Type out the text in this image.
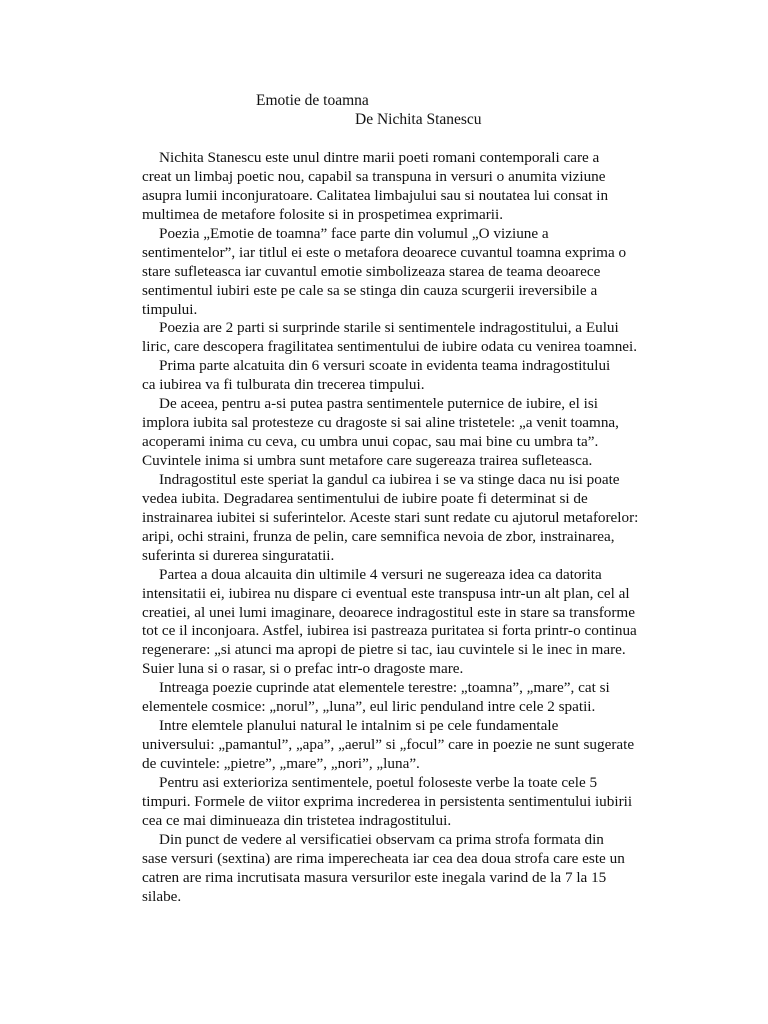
Emotie de toamna
De Nichita Stanescu
Nichita Stanescu este unul dintre marii poeti romani contemporali care a
creat un limbaj poetic nou, capabil sa transpuna in versuri o anumita viziune
asupra lumii inconjuratoare. Calitatea limbajului sau si noutatea lui consat in
multimea de metafore folosite si in prospetimea exprimarii.
Poezia „Emotie de toamna” face parte din volumul „O viziune a
sentimentelor”, iar titlul ei este o metafora deoarece cuvantul toamna exprima o
stare sufleteasca iar cuvantul emotie simbolizeaza starea de teama deoarece
sentimentul iubiri este pe cale sa se stinga din cauza scurgerii ireversibile a
timpului.
Poezia are 2 parti si surprinde starile si sentimentele indragostitului, a Eului
liric, care descopera fragilitatea sentimentului de iubire odata cu venirea toamnei.
Prima parte alcatuita din 6 versuri scoate in evidenta teama indragostitului
ca iubirea va fi tulburata din trecerea timpului.
De aceea, pentru a-si putea pastra sentimentele puternice de iubire, el isi
implora iubita sal protesteze cu dragoste si sai aline tristetele: „a venit toamna,
acoperami inima cu ceva, cu umbra unui copac, sau mai bine cu umbra ta”.
Cuvintele inima si umbra sunt metafore care sugereaza trairea sufleteasca.
Indragostitul este speriat la gandul ca iubirea i se va stinge daca nu isi poate
vedea iubita. Degradarea sentimentului de iubire poate fi determinat si de
instrainarea iubitei si suferintelor. Aceste stari sunt redate cu ajutorul metaforelor:
aripi, ochi straini, frunza de pelin, care semnifica nevoia de zbor, instrainarea,
suferinta si durerea singuratatii.
Partea a doua alcauita din ultimile 4 versuri ne sugereaza idea ca datorita
intensitatii ei, iubirea nu dispare ci eventual este transpusa intr-un alt plan, cel al
creatiei, al unei lumi imaginare, deoarece indragostitul este in stare sa transforme
tot ce il inconjoara. Astfel, iubirea isi pastreaza puritatea si forta printr-o continua
regenerare: „si atunci ma apropi de pietre si tac, iau cuvintele si le inec in mare.
Suier luna si o rasar, si o prefac intr-o dragoste mare.
Intreaga poezie cuprinde atat elementele terestre: „toamna”, „mare”, cat si
elementele cosmice: „norul”, „luna”, eul liric penduland intre cele 2 spatii.
Intre elemtele planului natural le intalnim si pe cele fundamentale
universului: „pamantul”, „apa”, „aerul” si „focul” care in poezie ne sunt sugerate
de cuvintele: „pietre”, „mare”, „nori”, „luna”.
Pentru asi exterioriza sentimentele, poetul foloseste verbe la toate cele 5
timpuri. Formele de viitor exprima increderea in persistenta sentimentului iubirii
cea ce mai diminueaza din tristetea indragostitului.
Din punct de vedere al versificatiei observam ca prima strofa formata din
sase versuri (sextina) are rima imperecheata iar cea dea doua strofa care este un
catren are rima incrutisata masura versurilor este inegala varind de la 7 la 15
silabe.
